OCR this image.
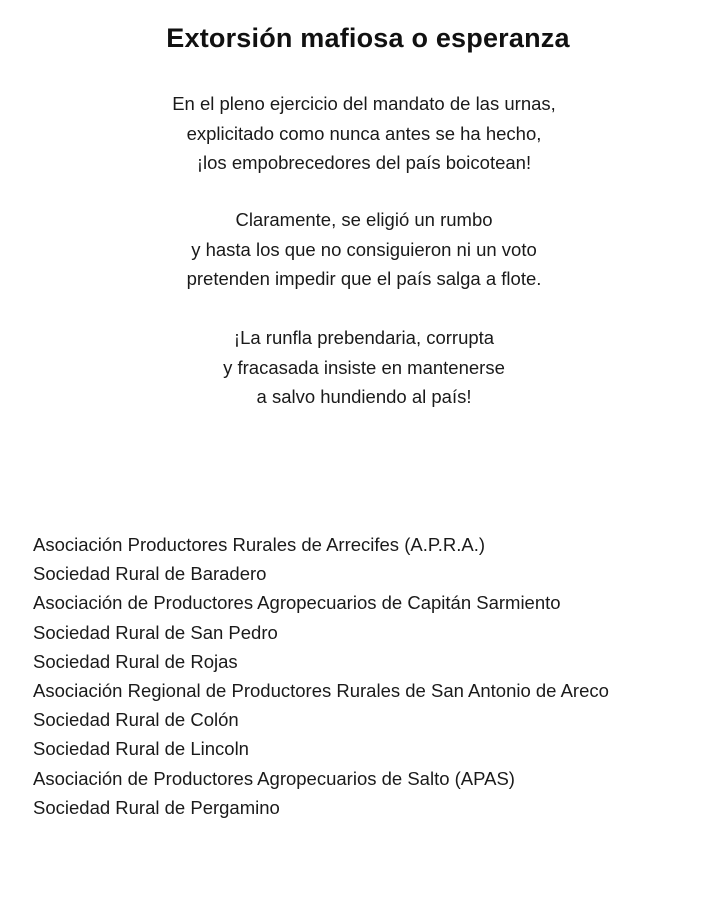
Extorsión mafiosa o esperanza

En el pleno ejercicio del mandato de las urnas,
explicitado como nunca antes se ha hecho,
¡los empobrecedores del país boicotean!

Claramente, se eligió un rumbo
y hasta los que no consiguieron ni un voto
pretenden impedir que el país salga a flote.

¡La runfla prebendaria, corrupta
y fracasada insiste en mantenerse
a salvo hundiendo al país!

Asociación Productores Rurales de Arrecifes (A.P.R.A.)
Sociedad Rural de Baradero
Asociación de Productores Agropecuarios de Capitán Sarmiento
Sociedad Rural de San Pedro
Sociedad Rural de Rojas
Asociación Regional de Productores Rurales de San Antonio de Areco
Sociedad Rural de Colón
Sociedad Rural de Lincoln
Asociación de Productores Agropecuarios de Salto (APAS)
Sociedad Rural de Pergamino
